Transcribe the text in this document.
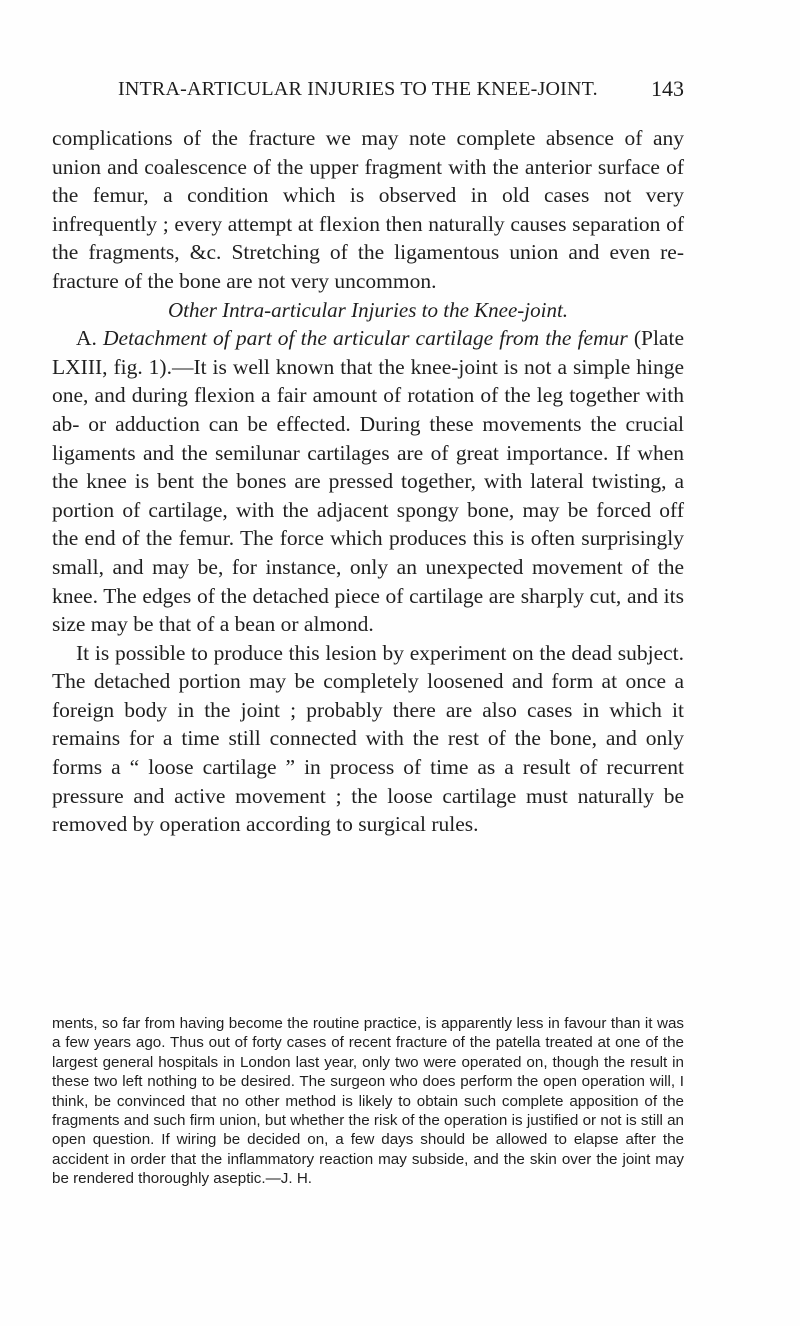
INTRA-ARTICULAR INJURIES TO THE KNEE-JOINT. 143

complications of the fracture we may note complete absence of any union and coalescence of the upper fragment with the anterior surface of the femur, a condition which is observed in old cases not very infrequently ; every attempt at flexion then naturally causes separation of the fragments, &c. Stretching of the ligamentous union and even re-fracture of the bone are not very uncommon.

Other Intra-articular Injuries to the Knee-joint.

A. Detachment of part of the articular cartilage from the femur (Plate LXIII, fig. 1).—It is well known that the knee-joint is not a simple hinge one, and during flexion a fair amount of rotation of the leg together with ab- or adduction can be effected. During these movements the crucial ligaments and the semilunar cartilages are of great importance. If when the knee is bent the bones are pressed together, with lateral twisting, a portion of cartilage, with the adjacent spongy bone, may be forced off the end of the femur. The force which produces this is often surprisingly small, and may be, for instance, only an unexpected movement of the knee. The edges of the detached piece of cartilage are sharply cut, and its size may be that of a bean or almond.

It is possible to produce this lesion by experiment on the dead subject. The detached portion may be completely loosened and form at once a foreign body in the joint ; probably there are also cases in which it remains for a time still connected with the rest of the bone, and only forms a “ loose cartilage ” in process of time as a result of recurrent pressure and active movement ; the loose cartilage must naturally be removed by operation according to surgical rules.

ments, so far from having become the routine practice, is apparently less in favour than it was a few years ago. Thus out of forty cases of recent fracture of the patella treated at one of the largest general hospitals in London last year, only two were operated on, though the result in these two left nothing to be desired. The surgeon who does perform the open operation will, I think, be convinced that no other method is likely to obtain such complete apposition of the fragments and such firm union, but whether the risk of the operation is justified or not is still an open question. If wiring be decided on, a few days should be allowed to elapse after the accident in order that the inflammatory reaction may subside, and the skin over the joint may be rendered thoroughly aseptic.—J. H.
